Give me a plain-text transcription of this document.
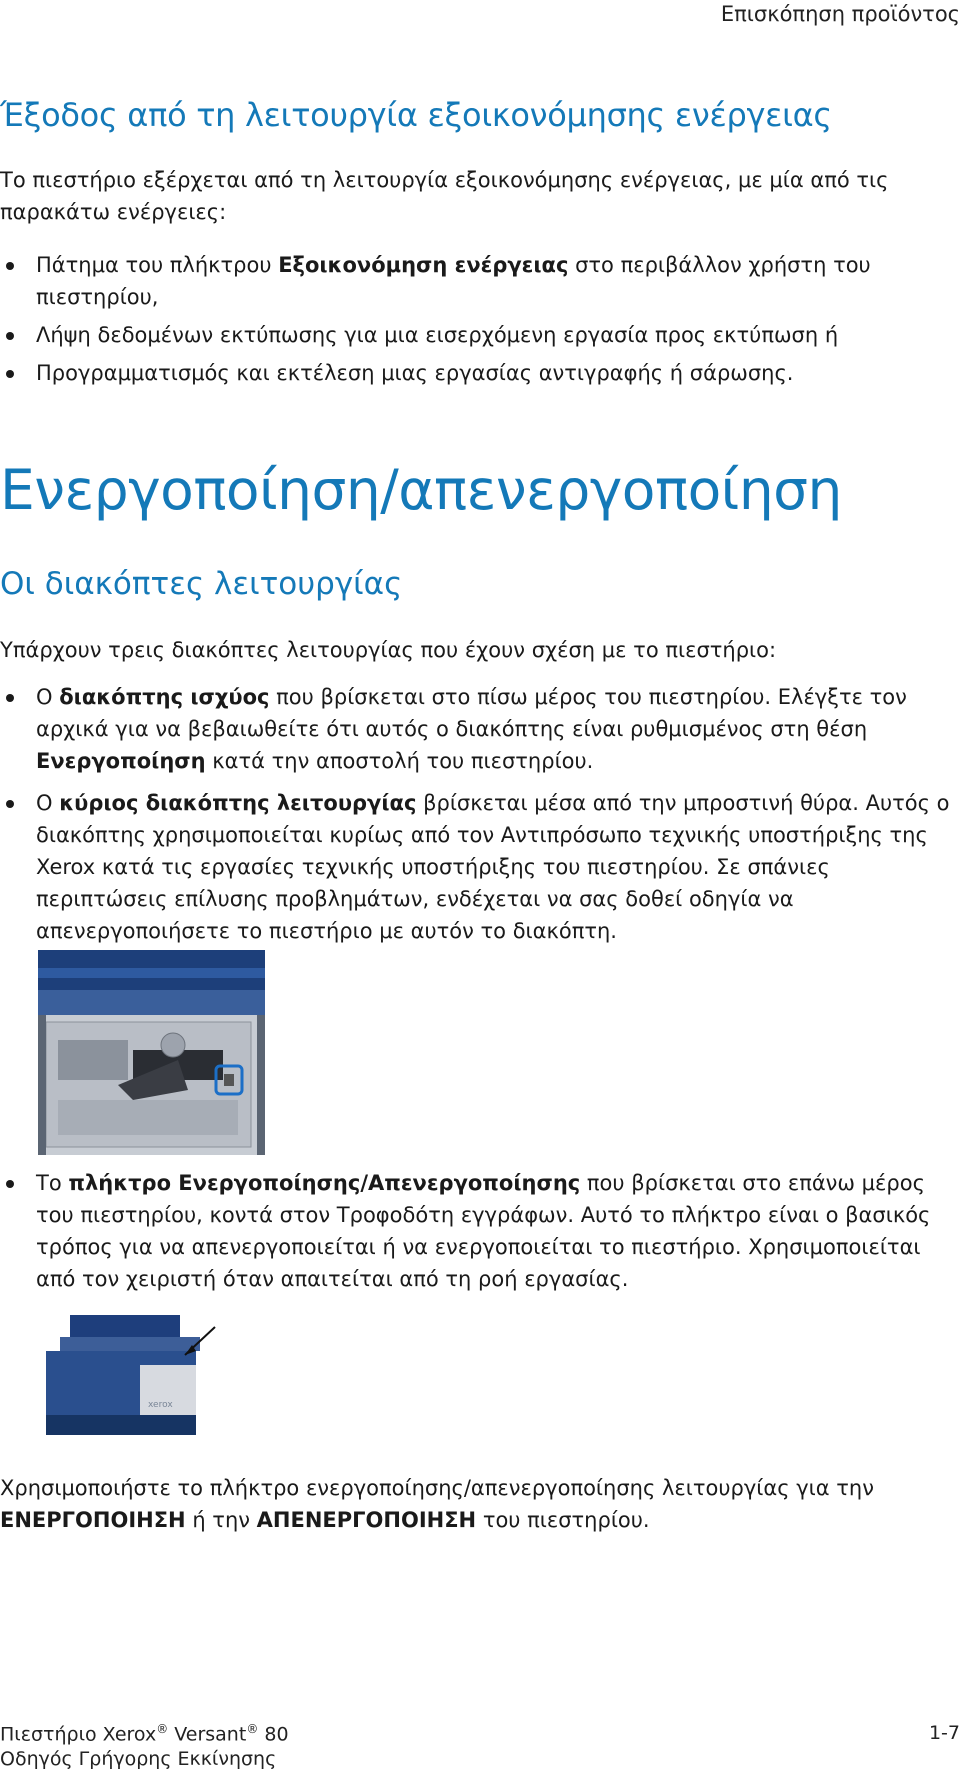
Επισκόπηση προϊόντος
Έξοδος από τη λειτουργία εξοικονόμησης ενέργειας
Το πιεστήριο εξέρχεται από τη λειτουργία εξοικονόμησης ενέργειας, με μία από τις παρακάτω ενέργειες:
Πάτημα του πλήκτρου Εξοικονόμηση ενέργειας στο περιβάλλον χρήστη του πιεστηρίου,
Λήψη δεδομένων εκτύπωσης για μια εισερχόμενη εργασία προς εκτύπωση ή
Προγραμματισμός και εκτέλεση μιας εργασίας αντιγραφής ή σάρωσης.
Ενεργοποίηση/απενεργοποίηση
Οι διακόπτες λειτουργίας
Υπάρχουν τρεις διακόπτες λειτουργίας που έχουν σχέση με το πιεστήριο:
Ο διακόπτης ισχύος που βρίσκεται στο πίσω μέρος του πιεστηρίου. Ελέγξτε τον αρχικά για να βεβαιωθείτε ότι αυτός ο διακόπτης είναι ρυθμισμένος στη θέση Ενεργοποίηση κατά την αποστολή του πιεστηρίου.
Ο κύριος διακόπτης λειτουργίας βρίσκεται μέσα από την μπροστινή θύρα. Αυτός ο διακόπτης χρησιμοποιείται κυρίως από τον Αντιπρόσωπο τεχνικής υποστήριξης της Xerox κατά τις εργασίες τεχνικής υποστήριξης του πιεστηρίου. Σε σπάνιες περιπτώσεις επίλυσης προβλημάτων, ενδέχεται να σας δοθεί οδηγία να απενεργοποιήσετε το πιεστήριο με αυτόν το διακόπτη.
Το πλήκτρο Ενεργοποίησης/Απενεργοποίησης που βρίσκεται στο επάνω μέρος του πιεστηρίου, κοντά στον Τροφοδότη εγγράφων. Αυτό το πλήκτρο είναι ο βασικός τρόπος για να απενεργοποιείται ή να ενεργοποιείται το πιεστήριο. Χρησιμοποιείται από τον χειριστή όταν απαιτείται από τη ροή εργασίας.
xerox
Χρησιμοποιήστε το πλήκτρο ενεργοποίησης/απενεργοποίησης λειτουργίας για την ΕΝΕΡΓΟΠΟΙΗΣΗ ή την ΑΠΕΝΕΡΓΟΠΟΙΗΣΗ του πιεστηρίου.
Πιεστήριο Xerox® Versant® 80
Οδηγός Γρήγορης Εκκίνησης
1-7
